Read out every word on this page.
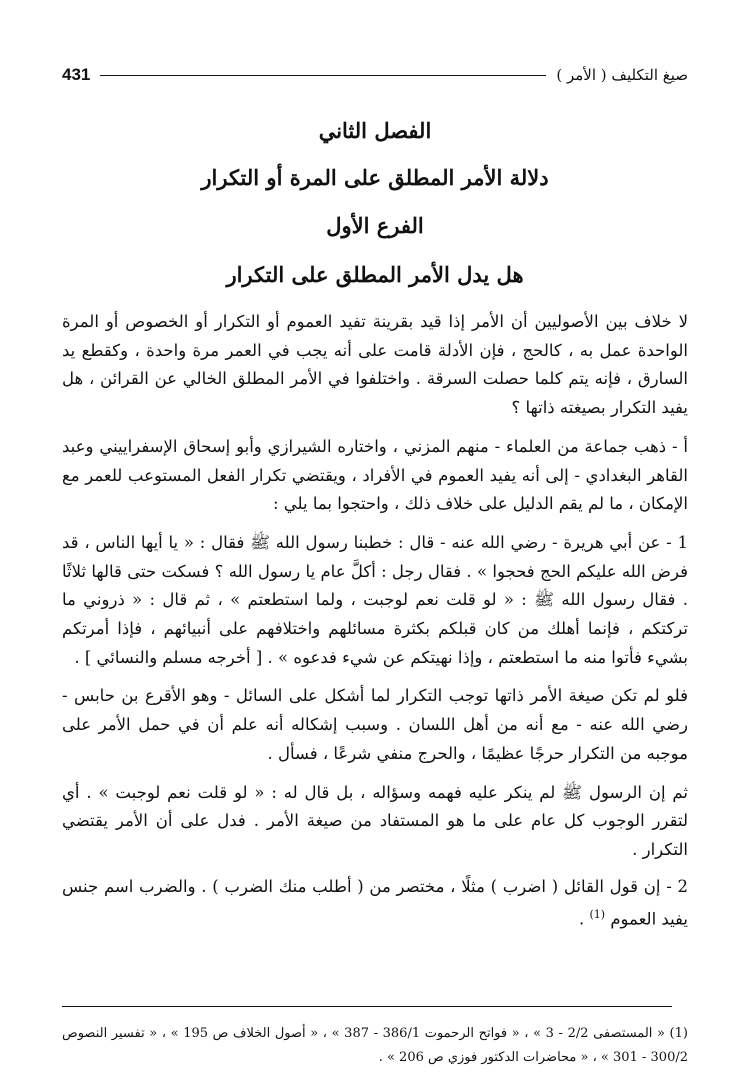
صيغ التكليف ( الأمر )
431
الفصل الثاني
دلالة الأمر المطلق على المرة أو التكرار
الفرع الأول
هل يدل الأمر المطلق على التكرار

لا خلاف بين الأصوليين أن الأمر إذا قيد بقرينة تفيد العموم أو التكرار أو الخصوص أو المرة الواحدة عمل به ، كالحج ، فإن الأدلة قامت على أنه يجب في العمر مرة واحدة ، وكقطع يد السارق ، فإنه يتم كلما حصلت السرقة . واختلفوا في الأمر المطلق الخالي عن القرائن ، هل يفيد التكرار بصيغته ذاتها ؟

أ - ذهب جماعة من العلماء - منهم المزني ، واختاره الشيرازي وأبو إسحاق الإسفراييني وعبد القاهر البغدادي - إلى أنه يفيد العموم في الأفراد ، ويقتضي تكرار الفعل المستوعب للعمر مع الإمكان ، ما لم يقم الدليل على خلاف ذلك ، واحتجوا بما يلي :

1 - عن أبي هريرة - رضي الله عنه - قال : خطبنا رسول الله ﷺ فقال : « يا أيها الناس ، قد فرض الله عليكم الحج فحجوا » . فقال رجل : أكلَّ عام يا رسول الله ؟ فسكت حتى قالها ثلاثًا . فقال رسول الله ﷺ : « لو قلت نعم لوجبت ، ولما استطعتم » ، ثم قال : « ذروني ما تركتكم ، فإنما أهلك من كان قبلكم بكثرة مسائلهم واختلافهم على أنبيائهم ، فإذا أمرتكم بشيء فأتوا منه ما استطعتم ، وإذا نهيتكم عن شيء فدعوه » . [ أخرجه مسلم والنسائي ] .

فلو لم تكن صيغة الأمر ذاتها توجب التكرار لما أشكل على السائل - وهو الأقرع بن حابس - رضي الله عنه - مع أنه من أهل اللسان . وسبب إشكاله أنه علم أن في حمل الأمر على موجبه من التكرار حرجًا عظيمًا ، والحرج منفي شرعًا ، فسأل .

ثم إن الرسول ﷺ لم ينكر عليه فهمه وسؤاله ، بل قال له : « لو قلت نعم لوجبت » . أي لتقرر الوجوب كل عام على ما هو المستفاد من صيغة الأمر . فدل على أن الأمر يقتضي التكرار .

2 - إن قول القائل ( اضرب ) مثلًا ، مختصر من ( أطلب منك الضرب ) . والضرب اسم جنس يفيد العموم $^{(1)}$ .

(1) « المستصفى 2/2 - 3 » ، « فواتح الرحموت 386/1 - 387 » ، « أصول الخلاف ص 195 » ، « تفسير النصوص 300/2 - 301 » ، « محاضرات الدكتور فوزي ص 206 » .
